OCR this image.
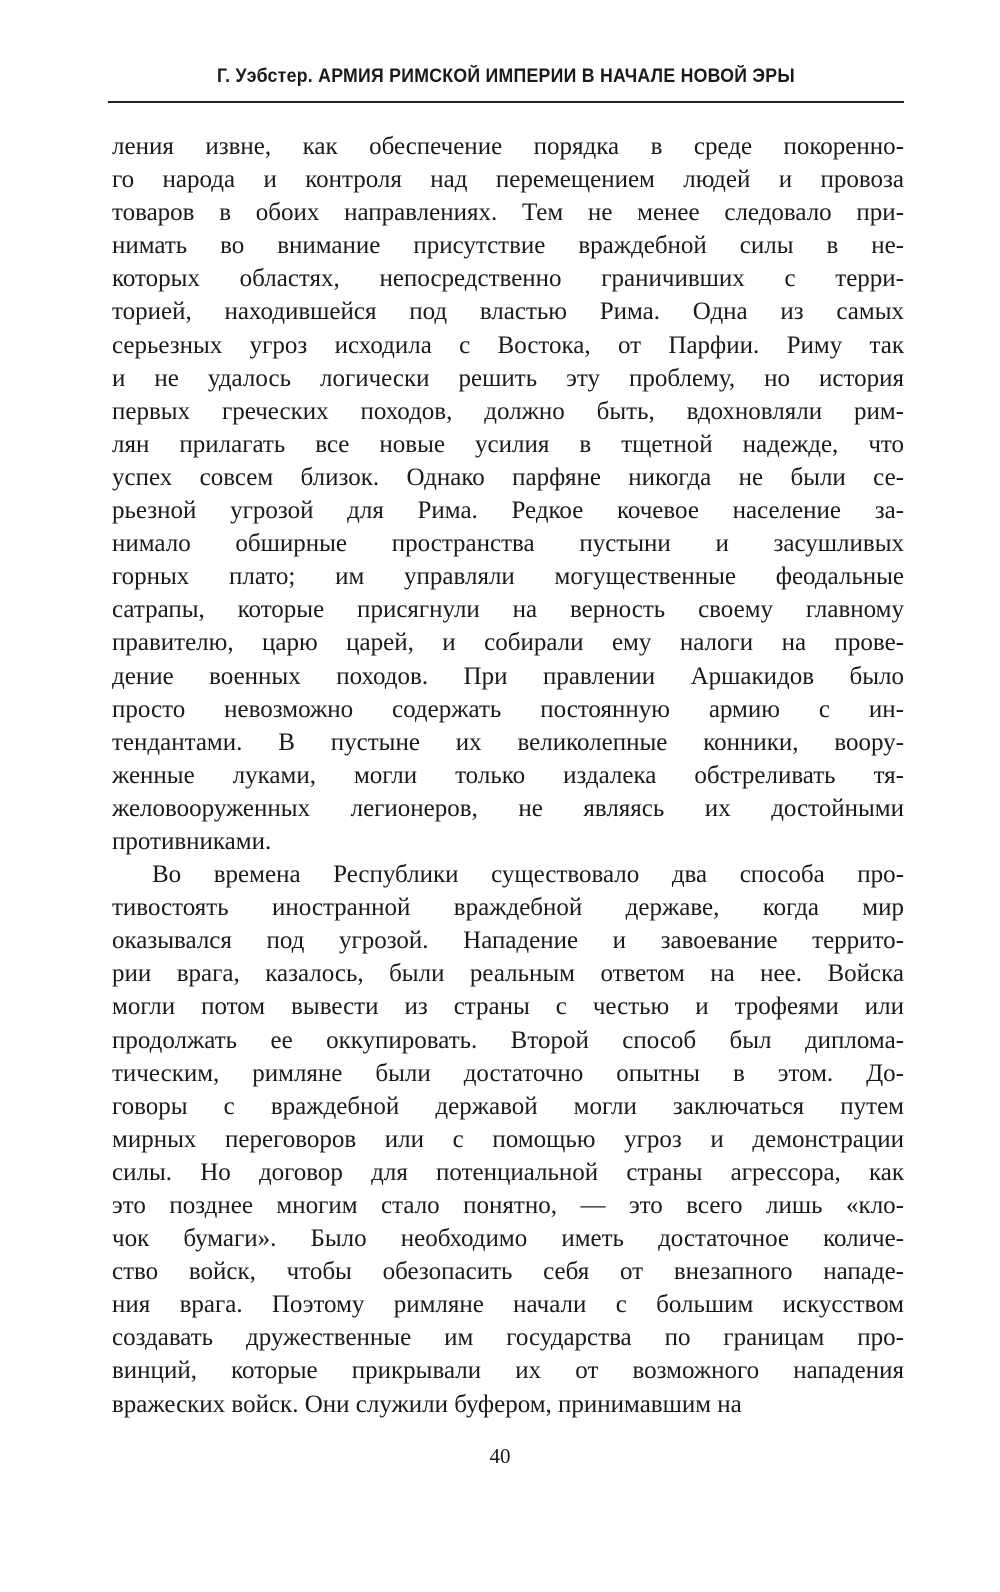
Г. Уэбстер. АРМИЯ РИМСКОЙ ИМПЕРИИ В НАЧАЛЕ НОВОЙ ЭРЫ
ления извне, как обеспечение порядка в среде покоренно-
го народа и контроля над перемещением людей и провоза
товаров в обоих направлениях. Тем не менее следовало при-
нимать во внимание присутствие враждебной силы в не-
которых областях, непосредственно граничивших с терри-
торией, находившейся под властью Рима. Одна из самых
серьезных угроз исходила с Востока, от Парфии. Риму так
и не удалось логически решить эту проблему, но история
первых греческих походов, должно быть, вдохновляли рим-
лян прилагать все новые усилия в тщетной надежде, что
успех совсем близок. Однако парфяне никогда не были се-
рьезной угрозой для Рима. Редкое кочевое население за-
нимало обширные пространства пустыни и засушливых
горных плато; им управляли могущественные феодальные
сатрапы, которые присягнули на верность своему главному
правителю, царю царей, и собирали ему налоги на прове-
дение военных походов. При правлении Аршакидов было
просто невозможно содержать постоянную армию с ин-
тендантами. В пустыне их великолепные конники, воору-
женные луками, могли только издалека обстреливать тя-
желовооруженных легионеров, не являясь их достойными
противниками.
Во времена Республики существовало два способа про-
тивостоять иностранной враждебной державе, когда мир
оказывался под угрозой. Нападение и завоевание террито-
рии врага, казалось, были реальным ответом на нее. Войска
могли потом вывести из страны с честью и трофеями или
продолжать ее оккупировать. Второй способ был диплома-
тическим, римляне были достаточно опытны в этом. До-
говоры с враждебной державой могли заключаться путем
мирных переговоров или с помощью угроз и демонстрации
силы. Но договор для потенциальной страны агрессора, как
это позднее многим стало понятно, — это всего лишь «кло-
чок бумаги». Было необходимо иметь достаточное количе-
ство войск, чтобы обезопасить себя от внезапного нападе-
ния врага. Поэтому римляне начали с большим искусством
создавать дружественные им государства по границам про-
винций, которые прикрывали их от возможного нападения
вражеских войск. Они служили буфером, принимавшим на
40
